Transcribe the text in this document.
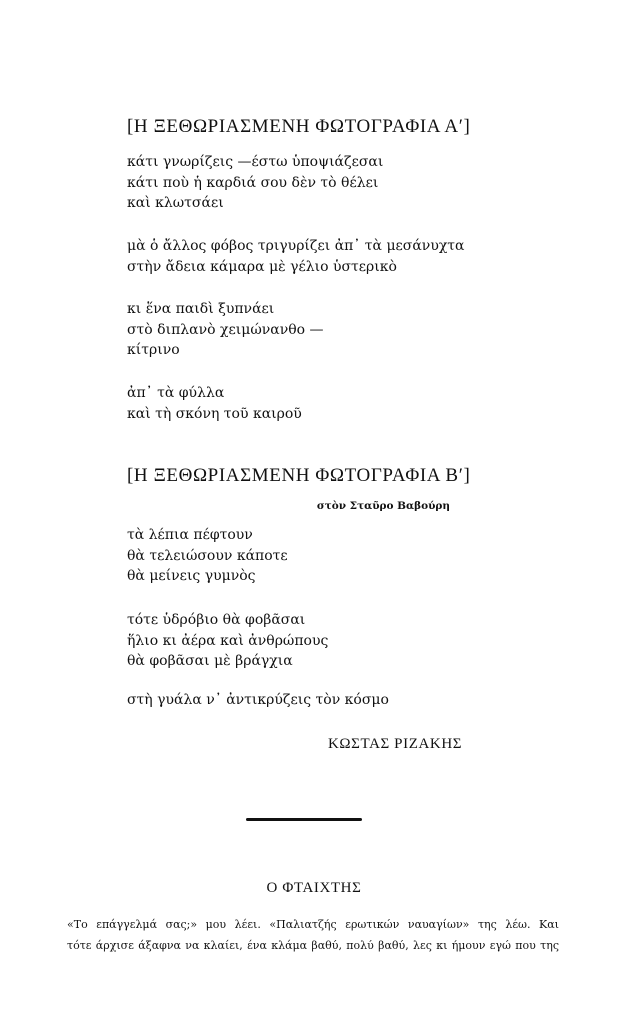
[Η ΞΕΘΩΡΙΑΣΜΕΝΗ ΦΩΤΟΓΡΑΦΙΑ Α′]
κάτι γνωρίζεις —έστω ὑποψιάζεσαι
κάτι ποὺ ἡ καρδιά σου δὲν τὸ θέλει
καὶ κλωτσάει
μὰ ὁ ἄλλος φόβος τριγυρίζει ἀπ᾽ τὰ μεσάνυχτα
στὴν ἄδεια κάμαρα μὲ γέλιο ὑστερικὸ
κι ἕνα παιδὶ ξυπνάει
στὸ διπλανὸ χειμώνανθο —
κίτρινο
ἀπ᾽ τὰ φύλλα
καὶ τὴ σκόνη τοῦ καιροῦ
[Η ΞΕΘΩΡΙΑΣΜΕΝΗ ΦΩΤΟΓΡΑΦΙΑ Β′]
στὸν Σταῦρο Βαβούρη
τὰ λέπια πέφτουν
θὰ τελειώσουν κάποτε
θὰ μείνεις γυμνὸς
τότε ὑδρόβιο θὰ φοβᾶσαι
ἥλιο κι ἀέρα καὶ ἀνθρώπους
θὰ φοβᾶσαι μὲ βράγχια
στὴ γυάλα ν᾽ ἀντικρύζεις τὸν κόσμο
ΚΩΣΤΑΣ ΡΙΖΑΚΗΣ
Ο ΦΤΑΙΧΤΗΣ
«Το επάγγελμά σας;» μου λέει. «Παλιατζής ερωτικών ναυαγίων» της λέω. Και
τότε άρχισε άξαφνα να κλαίει, ένα κλάμα βαθύ, πολύ βαθύ, λες κι ήμουν εγώ που της
